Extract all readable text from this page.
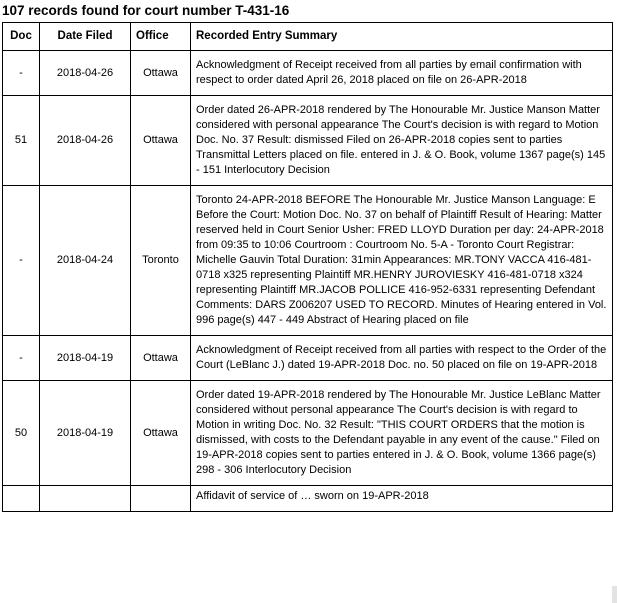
107 records found for court number T-431-16
Doc	Date Filed	Office	Recorded Entry Summary
-	2018-04-26	Ottawa	Acknowledgment of Receipt received from all parties by email confirmation with respect to order dated April 26, 2018 placed on file on 26-APR-2018
51	2018-04-26	Ottawa	Order dated 26-APR-2018 rendered by The Honourable Mr. Justice Manson Matter considered with personal appearance The Court's decision is with regard to Motion Doc. No. 37 Result: dismissed Filed on 26-APR-2018 copies sent to parties Transmittal Letters placed on file. entered in J. & O. Book, volume 1367 page(s) 145 - 151 Interlocutory Decision
-	2018-04-24	Toronto	Toronto 24-APR-2018 BEFORE The Honourable Mr. Justice Manson Language: E Before the Court: Motion Doc. No. 37 on behalf of Plaintiff Result of Hearing: Matter reserved held in Court Senior Usher: FRED LLOYD Duration per day: 24-APR-2018 from 09:35 to 10:06 Courtroom : Courtroom No. 5-A - Toronto Court Registrar: Michelle Gauvin Total Duration: 31min Appearances: MR.TONY VACCA 416-481-0718 x325 representing Plaintiff MR.HENRY JUROVIESKY 416-481-0718 x324 representing Plaintiff MR.JACOB POLLICE 416-952-6331 representing Defendant Comments: DARS Z006207 USED TO RECORD. Minutes of Hearing entered in Vol. 996 page(s) 447 - 449 Abstract of Hearing placed on file
-	2018-04-19	Ottawa	Acknowledgment of Receipt received from all parties with respect to the Order of the Court (LeBlanc J.) dated 19-APR-2018 Doc. no. 50 placed on file on 19-APR-2018
50	2018-04-19	Ottawa	Order dated 19-APR-2018 rendered by The Honourable Mr. Justice LeBlanc Matter considered without personal appearance The Court's decision is with regard to Motion in writing Doc. No. 32 Result: "THIS COURT ORDERS that the motion is dismissed, with costs to the Defendant payable in any event of the cause." Filed on 19-APR-2018 copies sent to parties entered in J. & O. Book, volume 1366 page(s) 298 - 306 Interlocutory Decision
			Affidavit of service of … sworn on 19-APR-2018
